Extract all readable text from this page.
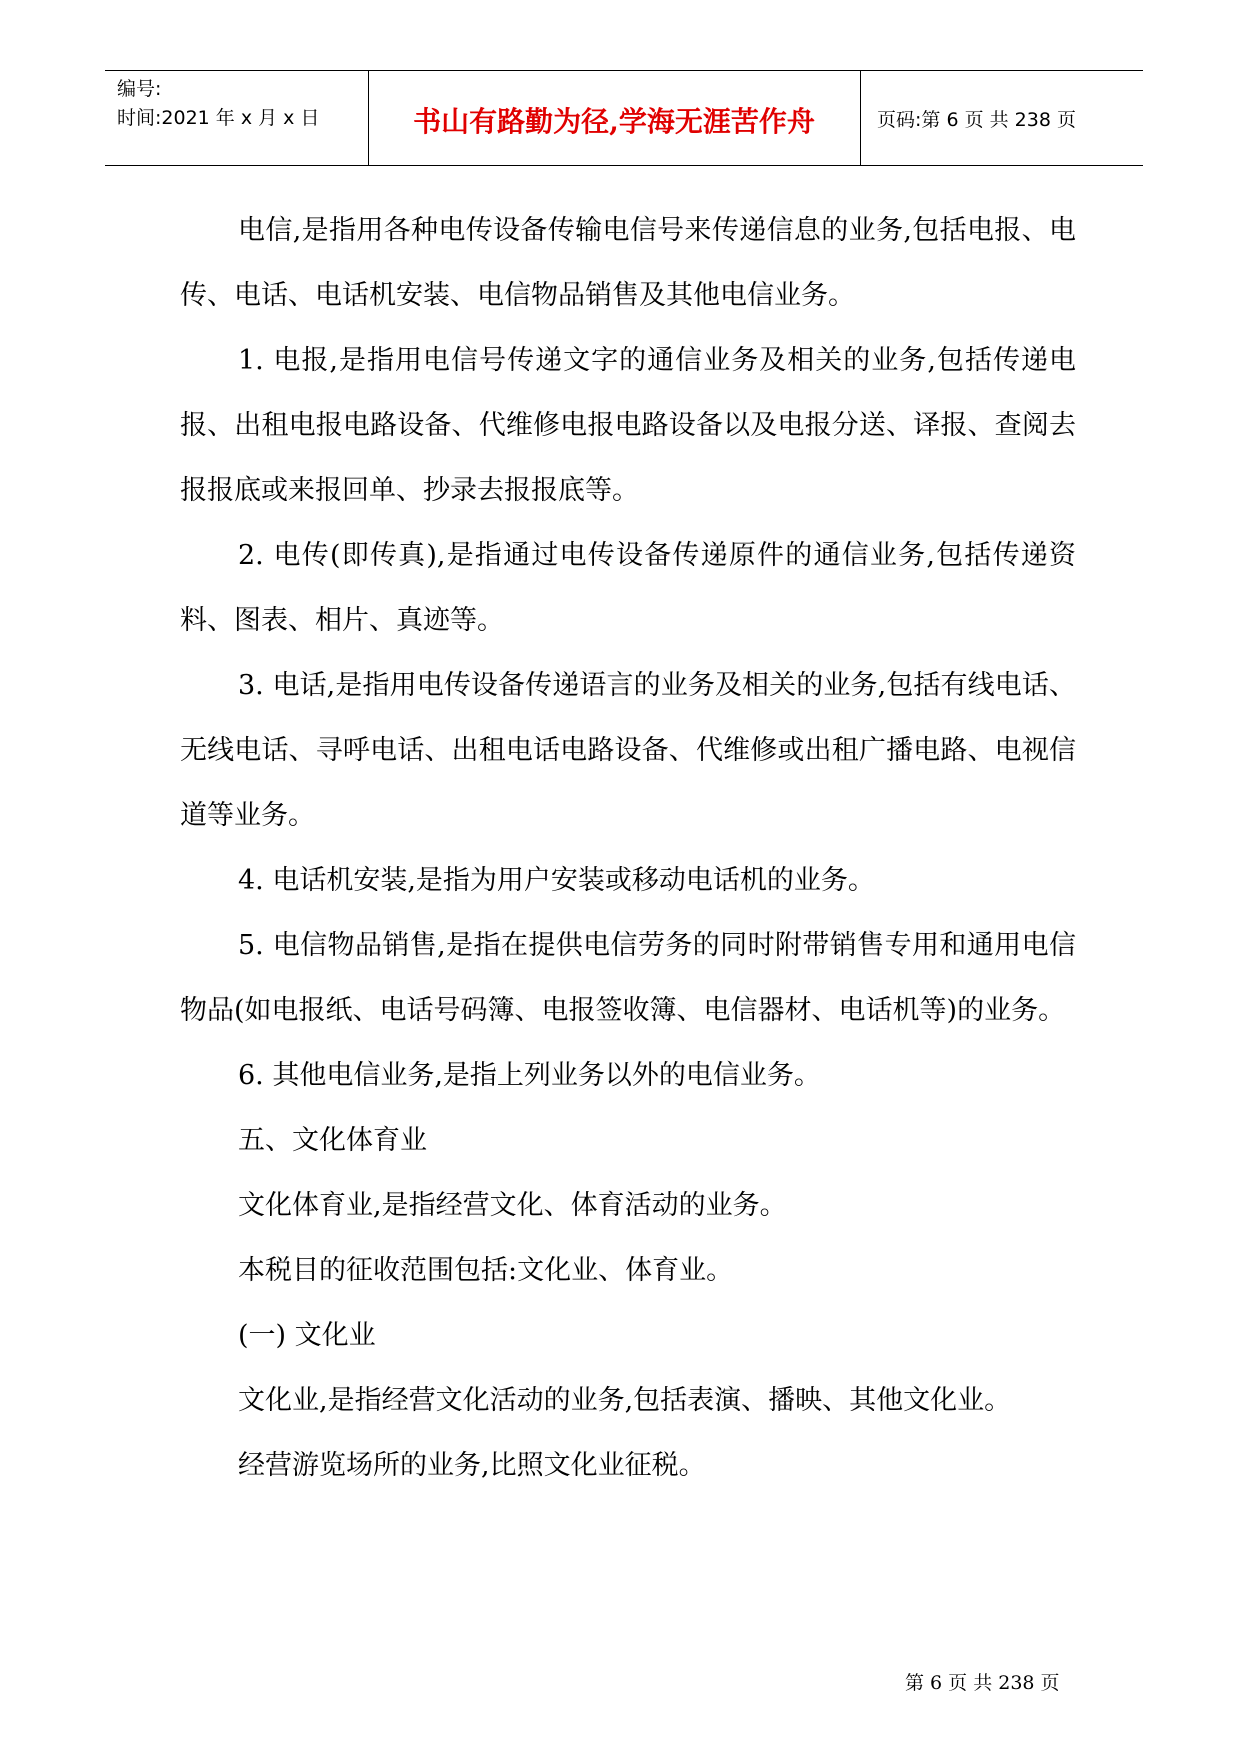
编号:
时间:2021 年 x 月 x 日	书山有路勤为径,学海无涯苦作舟	页码:第 6 页 共 238 页

电信,是指用各种电传设备传输电信号来传递信息的业务,包括电报、电传、电话、电话机安装、电信物品销售及其他电信业务。

1. 电报,是指用电信号传递文字的通信业务及相关的业务,包括传递电报、出租电报电路设备、代维修电报电路设备以及电报分送、译报、查阅去报报底或来报回单、抄录去报报底等。

2. 电传(即传真),是指通过电传设备传递原件的通信业务,包括传递资料、图表、相片、真迹等。

3. 电话,是指用电传设备传递语言的业务及相关的业务,包括有线电话、无线电话、寻呼电话、出租电话电路设备、代维修或出租广播电路、电视信道等业务。

4. 电话机安装,是指为用户安装或移动电话机的业务。

5. 电信物品销售,是指在提供电信劳务的同时附带销售专用和通用电信物品(如电报纸、电话号码簿、电报签收簿、电信器材、电话机等)的业务。

6. 其他电信业务,是指上列业务以外的电信业务。

五、文化体育业

文化体育业,是指经营文化、体育活动的业务。

本税目的征收范围包括:文化业、体育业。

(一) 文化业

文化业,是指经营文化活动的业务,包括表演、播映、其他文化业。

经营游览场所的业务,比照文化业征税。

第 6 页 共 238 页
